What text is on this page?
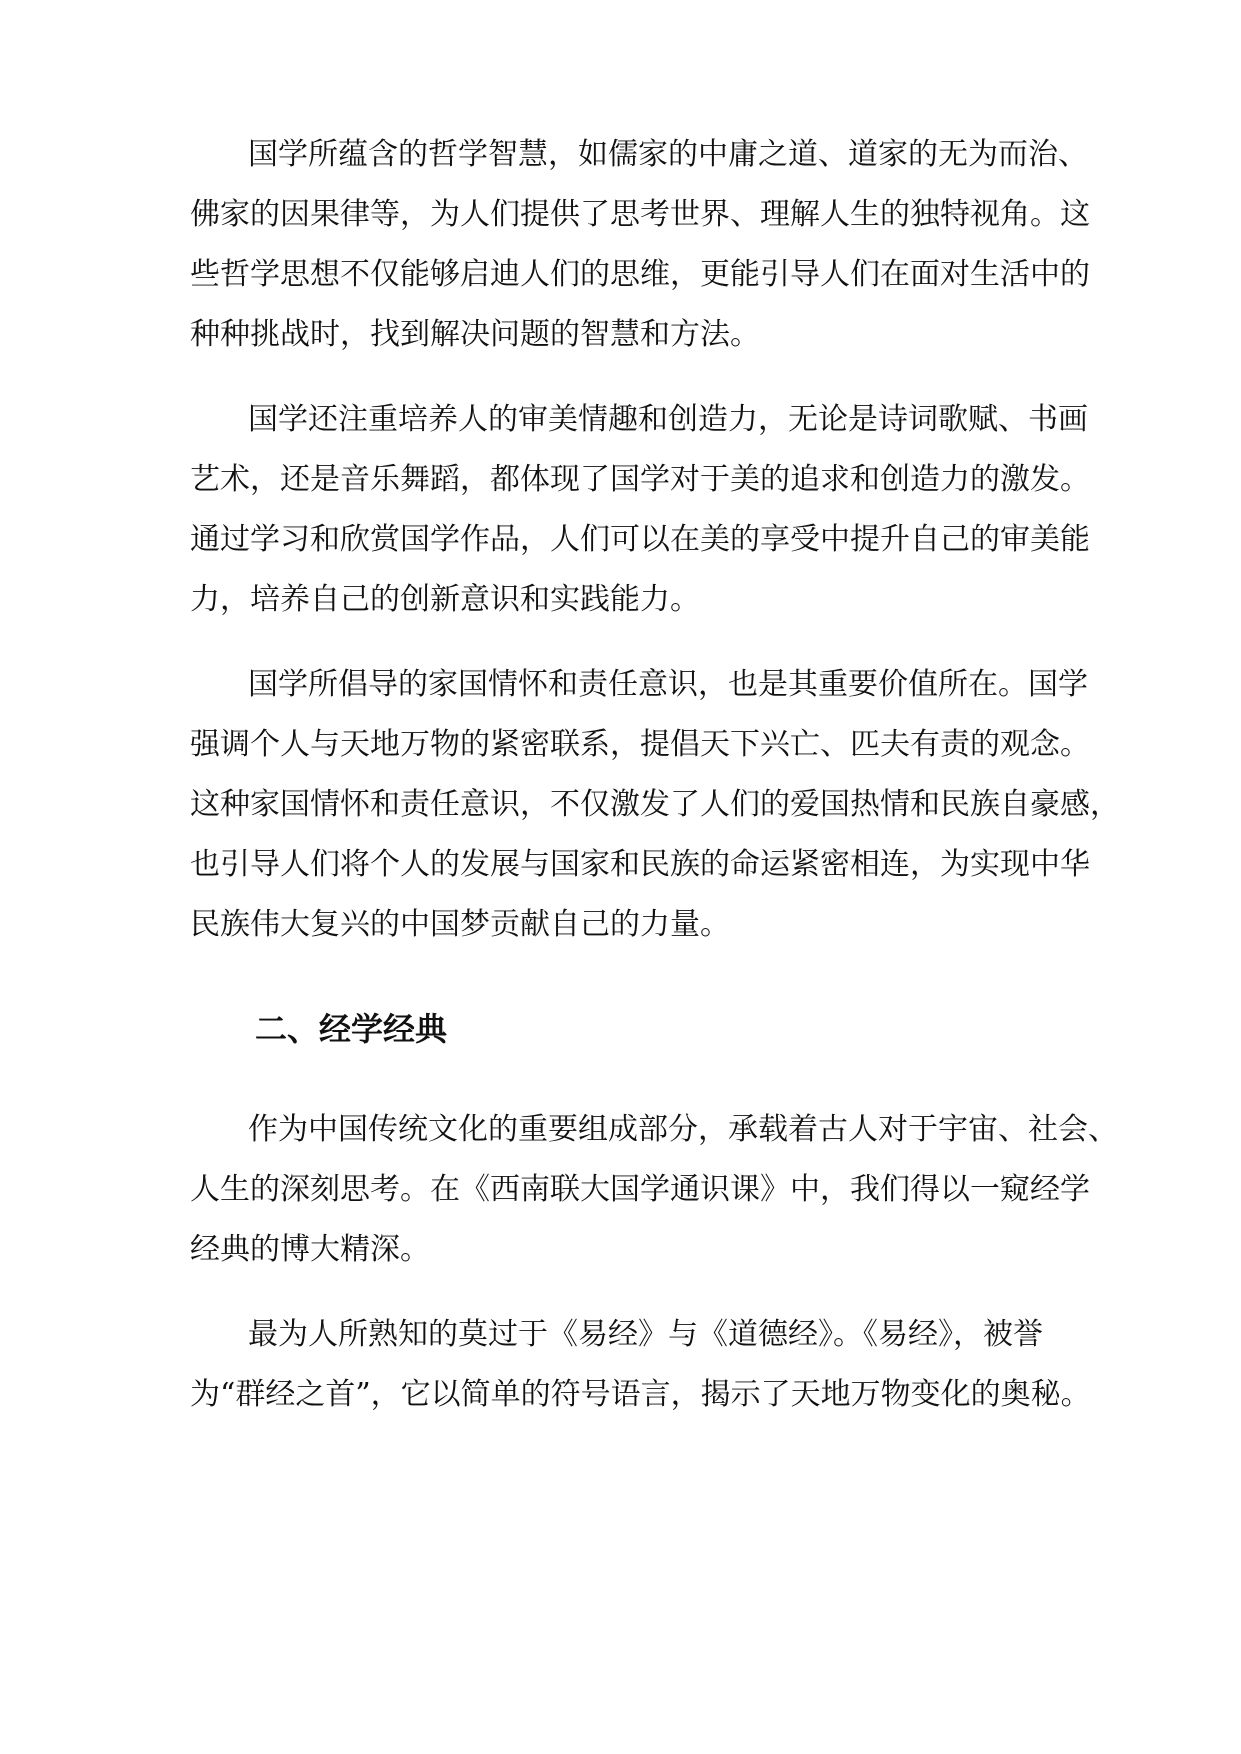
国学所蕴含的哲学智慧，如儒家的中庸之道、道家的无为而治、
佛家的因果律等，为人们提供了思考世界、理解人生的独特视角。这
些哲学思想不仅能够启迪人们的思维，更能引导人们在面对生活中的
种种挑战时，找到解决问题的智慧和方法。
国学还注重培养人的审美情趣和创造力，无论是诗词歌赋、书画
艺术，还是音乐舞蹈，都体现了国学对于美的追求和创造力的激发。
通过学习和欣赏国学作品，人们可以在美的享受中提升自己的审美能
力，培养自己的创新意识和实践能力。
国学所倡导的家国情怀和责任意识，也是其重要价值所在。国学
强调个人与天地万物的紧密联系，提倡天下兴亡、匹夫有责的观念。
这种家国情怀和责任意识，不仅激发了人们的爱国热情和民族自豪感，
也引导人们将个人的发展与国家和民族的命运紧密相连，为实现中华
民族伟大复兴的中国梦贡献自己的力量。
二、经学经典
作为中国传统文化的重要组成部分，承载着古人对于宇宙、社会、
人生的深刻思考。在《西南联大国学通识课》中，我们得以一窥经学
经典的博大精深。
最为人所熟知的莫过于《易经》与《道德经》。《易经》，被誉
为“群经之首”，它以简单的符号语言，揭示了天地万物变化的奥秘。
